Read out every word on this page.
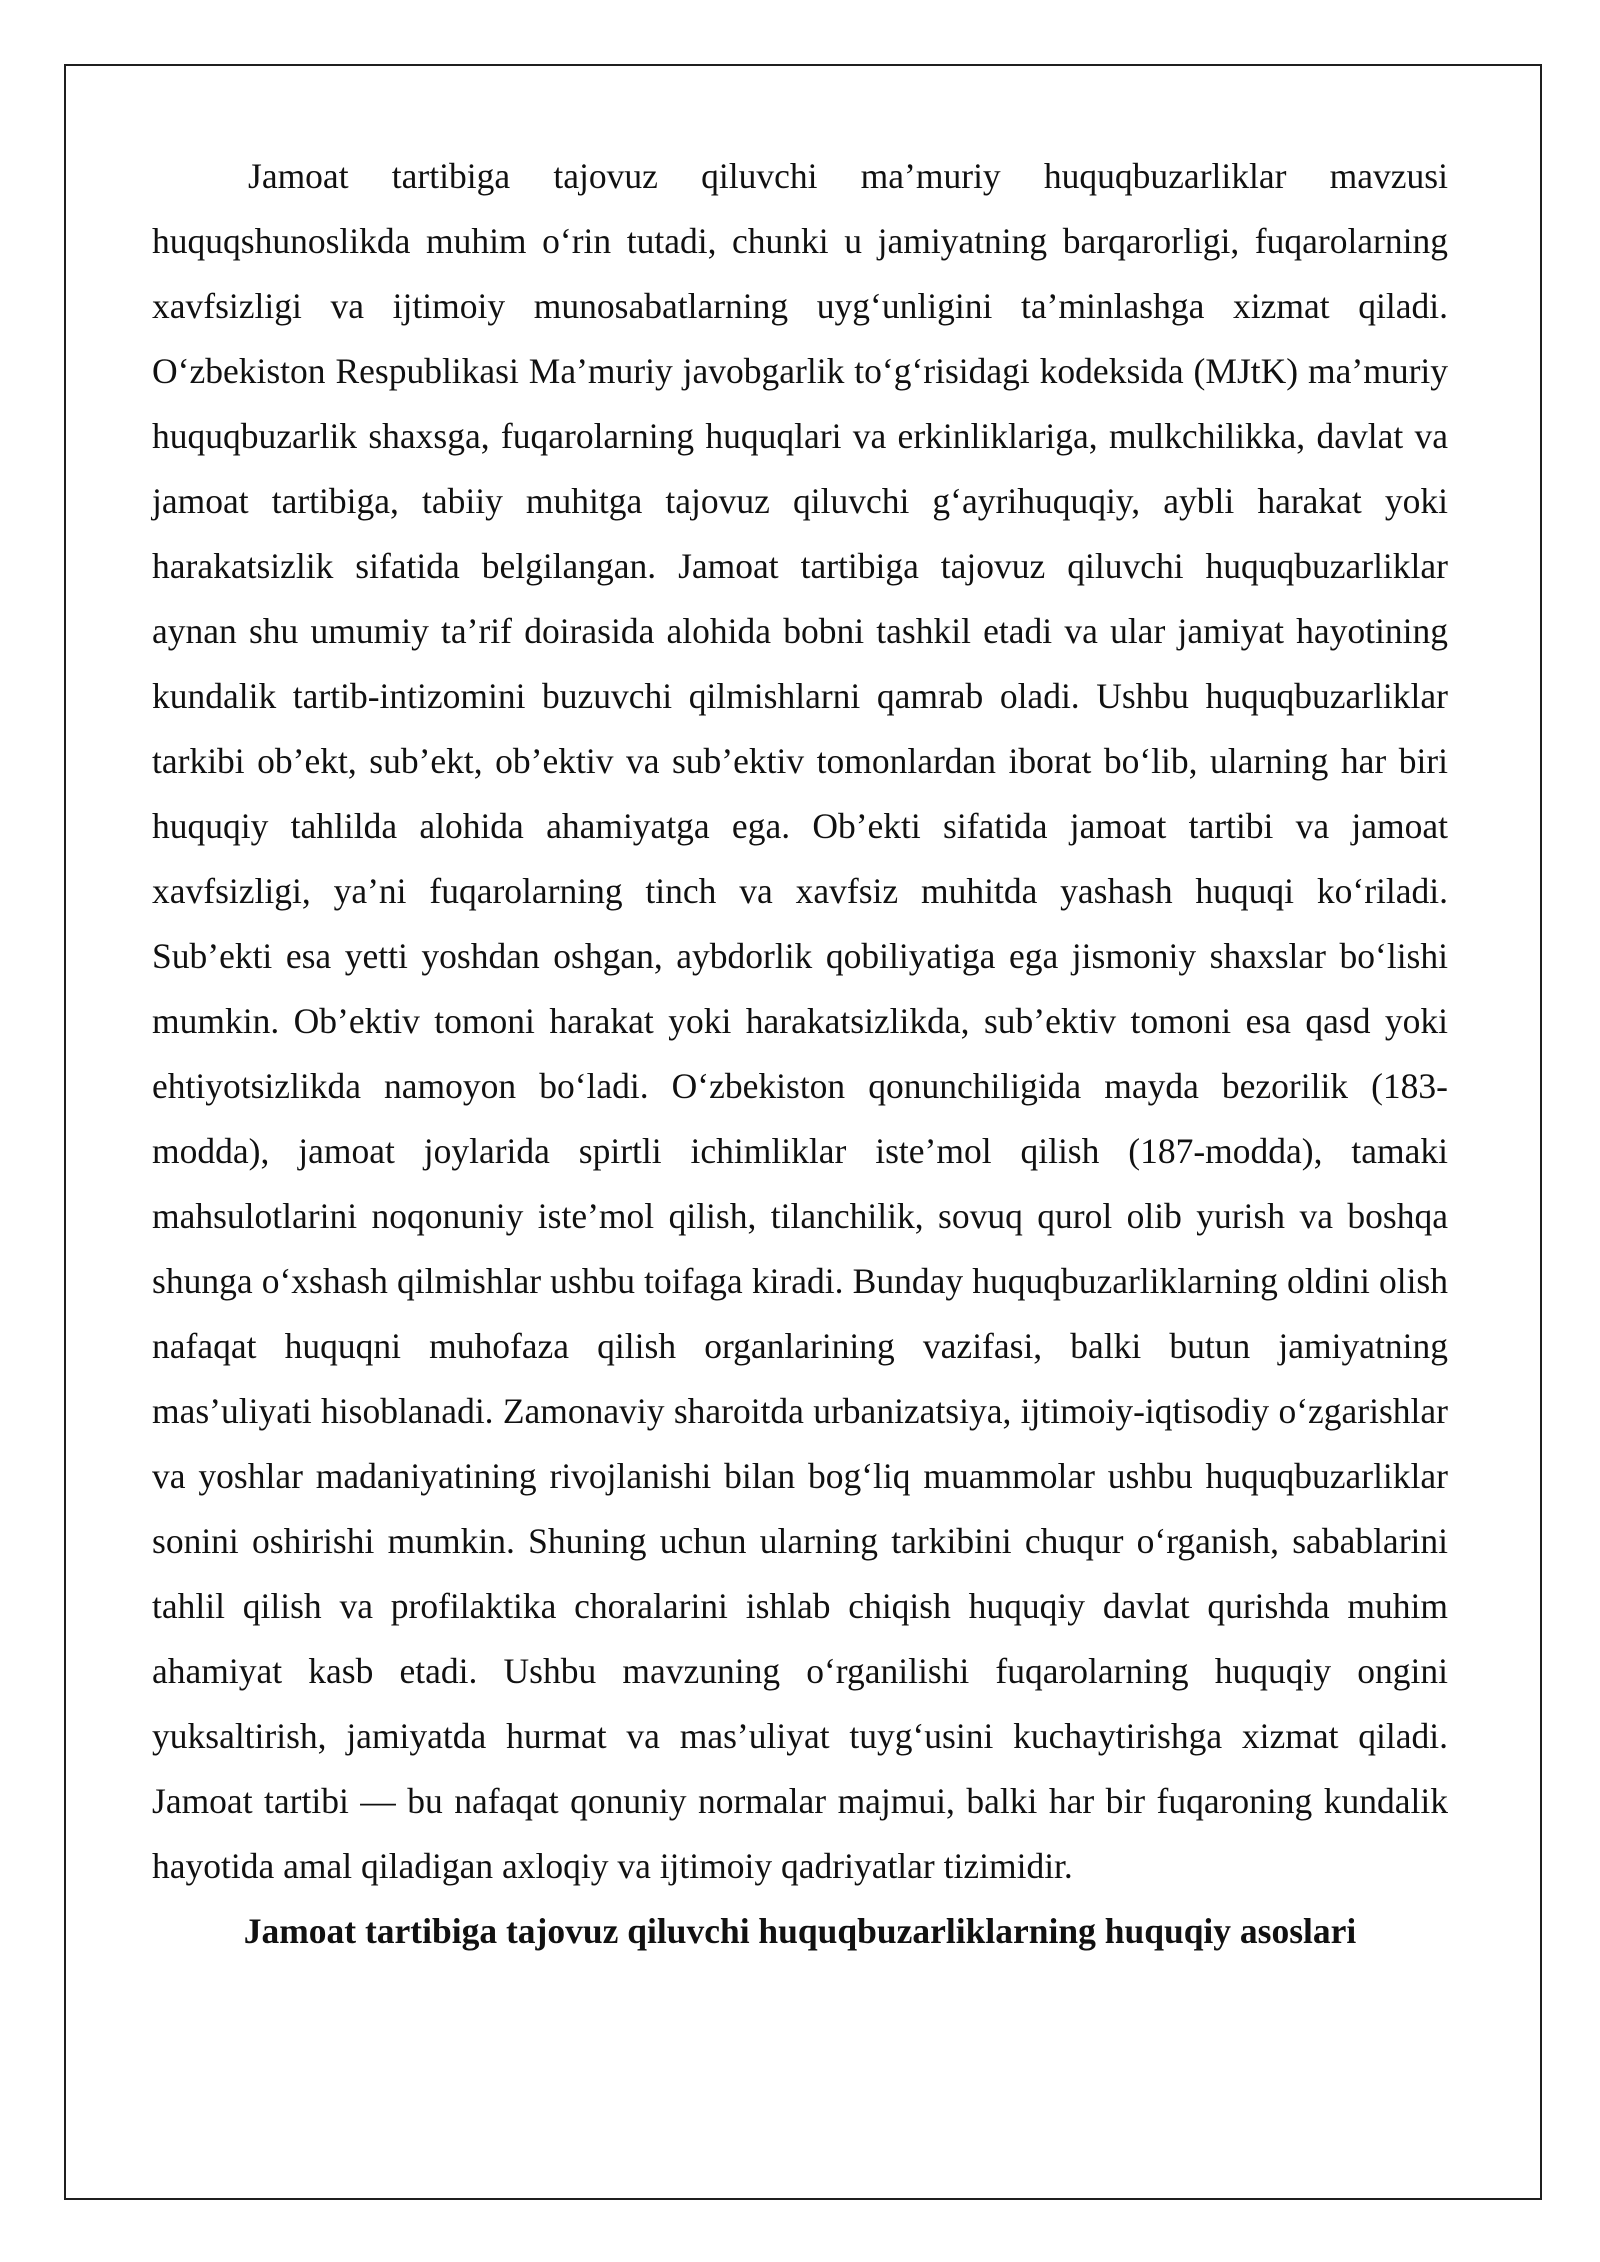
Jamoat tartibiga tajovuz qiluvchi ma’muriy huquqbuzarliklar mavzusi huquqshunoslikda muhim o‘rin tutadi, chunki u jamiyatning barqarorligi, fuqarolarning xavfsizligi va ijtimoiy munosabatlarning uyg‘unligini ta’minlashga xizmat qiladi. O‘zbekiston Respublikasi Ma’muriy javobgarlik to‘g‘risidagi kodeksida (MJtK) ma’muriy huquqbuzarlik shaxsga, fuqarolarning huquqlari va erkinliklariga, mulkchilikka, davlat va jamoat tartibiga, tabiiy muhitga tajovuz qiluvchi g‘ayrihuquqiy, aybli harakat yoki harakatsizlik sifatida belgilangan. Jamoat tartibiga tajovuz qiluvchi huquqbuzarliklar aynan shu umumiy ta’rif doirasida alohida bobni tashkil etadi va ular jamiyat hayotining kundalik tartib-intizomini buzuvchi qilmishlarni qamrab oladi. Ushbu huquqbuzarliklar tarkibi ob’ekt, sub’ekt, ob’ektiv va sub’ektiv tomonlardan iborat bo‘lib, ularning har biri huquqiy tahlilda alohida ahamiyatga ega. Ob’ekti sifatida jamoat tartibi va jamoat xavfsizligi, ya’ni fuqarolarning tinch va xavfsiz muhitda yashash huquqi ko‘riladi. Sub’ekti esa yetti yoshdan oshgan, aybdorlik qobiliyatiga ega jismoniy shaxslar bo‘lishi mumkin. Ob’ektiv tomoni harakat yoki harakatsizlikda, sub’ektiv tomoni esa qasd yoki ehtiyotsizlikda namoyon bo‘ladi. O‘zbekiston qonunchiligida mayda bezorilik (183-modda), jamoat joylarida spirtli ichimliklar iste’mol qilish (187-modda), tamaki mahsulotlarini noqonuniy iste’mol qilish, tilanchilik, sovuq qurol olib yurish va boshqa shunga o‘xshash qilmishlar ushbu toifaga kiradi. Bunday huquqbuzarliklarning oldini olish nafaqat huquqni muhofaza qilish organlarining vazifasi, balki butun jamiyatning mas’uliyati hisoblanadi. Zamonaviy sharoitda urbanizatsiya, ijtimoiy-iqtisodiy o‘zgarishlar va yoshlar madaniyatining rivojlanishi bilan bog‘liq muammolar ushbu huquqbuzarliklar sonini oshirishi mumkin. Shuning uchun ularning tarkibini chuqur o‘rganish, sabablarini tahlil qilish va profilaktika choralarini ishlab chiqish huquqiy davlat qurishda muhim ahamiyat kasb etadi. Ushbu mavzuning o‘rganilishi fuqarolarning huquqiy ongini yuksaltirish, jamiyatda hurmat va mas’uliyat tuyg‘usini kuchaytirishga xizmat qiladi. Jamoat tartibi — bu nafaqat qonuniy normalar majmui, balki har bir fuqaroning kundalik hayotida amal qiladigan axloqiy va ijtimoiy qadriyatlar tizimidir.

Jamoat tartibiga tajovuz qiluvchi huquqbuzarliklarning huquqiy asoslari
